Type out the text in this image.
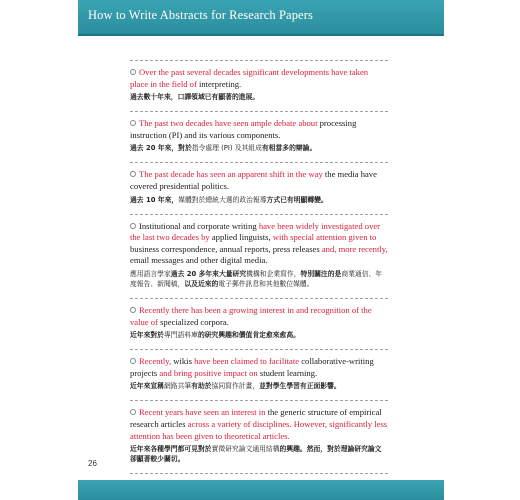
How to Write Abstracts for Research Papers
Over the past several decades significant developments have taken place in the field of interpreting.
過去數十年來，口譯領域已有顯著的進展。
The past two decades have seen ample debate about processing instruction (PI) and its various components.
過去 20 年來，對於指令處理 (PI) 及其組成有相當多的辯論。
The past decade has seen an apparent shift in the way the media have covered presidential politics.
過去 10 年來，媒體對於總統大選的政治報導方式已有明顯轉變。
Institutional and corporate writing have been widely investigated over the last two decades by applied linguists, with special attention given to business correspondence, annual reports, press releases and, more recently, email messages and other digital media.
應用語言學家過去 20 多年來大量研究機構和企業寫作，特別關注的是商業通信、年度報告、新聞稿，以及近來的電子郵件訊息和其他數位媒體。
Recently there has been a growing interest in and recognition of the value of specialized corpora.
近年來對於專門語料庫的研究興趣和價值肯定愈來愈高。
Recently, wikis have been claimed to facilitate collaborative-writing projects and bring positive impact on student learning.
近年來宣稱網路共筆有助於協同寫作計畫，並對學生學習有正面影響。
Recent years have seen an interest in the generic structure of empirical research articles across a variety of disciplines. However, significantly less attention has been given to theoretical articles.
近年來各種學門都可見對於實徵研究論文通用結構的興趣。然而，對於理論研究論文卻顯著較少關切。
26
